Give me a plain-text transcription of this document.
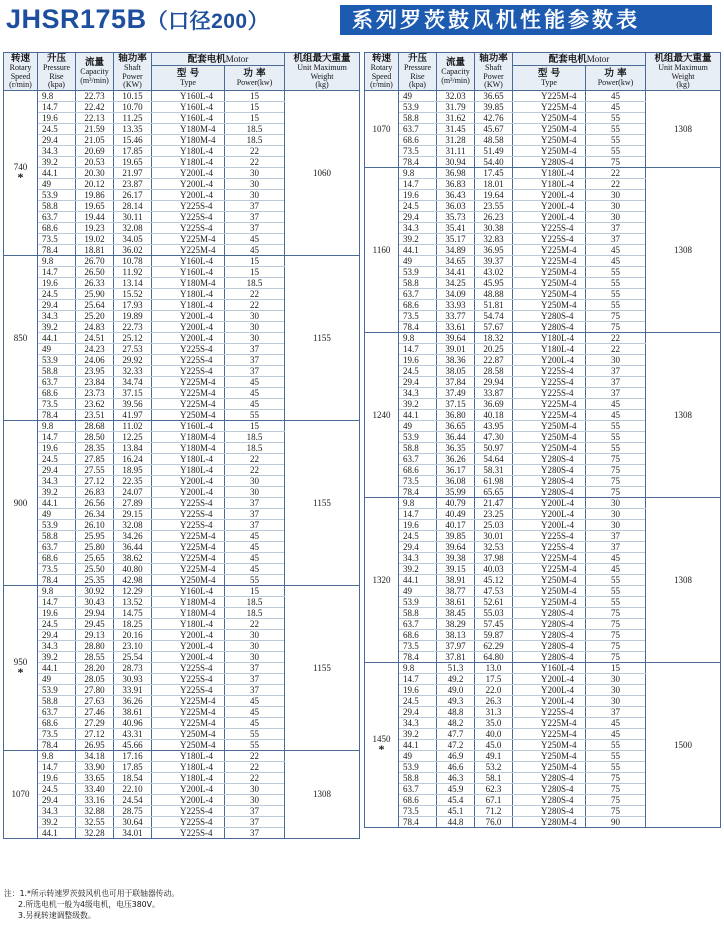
JHSR175B（口径200）	系列罗茨鼓风机性能参数表
转速
Rotary
Speed
(r/min)	升压
Pressure
Rise
(kpa)	流量
Capacity
(m³/min)	轴功率
Shaft
Power
(KW)	配套电机Motor		机组最大重量
Unit Maximum
Weight
(kg)

				型 号
Type	功 率
Power(kw)	

740
*	9.8	22.73	10.15	Y160L-4	15	1060
	14.7	22.42	10.70	Y160L-4	15	
	19.6	22.13	11.25	Y160L-4	15	
	24.5	21.59	13.35	Y180M-4	18.5	
	29.4	21.05	15.46	Y180M-4	18.5	
	34.3	20.69	17.85	Y180L-4	22	
	39.2	20.53	19.65	Y180L-4	22	
	44.1	20.30	21.97	Y200L-4	30	
	49	20.12	23.87	Y200L-4	30	
	53.9	19.86	26.17	Y200L-4	30	
	58.8	19.65	28.14	Y225S-4	37	
	63.7	19.44	30.11	Y225S-4	37	
	68.6	19.23	32.08	Y225S-4	37	
	73.5	19.02	34.05	Y225M-4	45	
	78.4	18.81	36.02	Y225M-4	45	
850	9.8	26.70	10.78	Y160L-4	15	1155
	14.7	26.50	11.92	Y160L-4	15	
	19.6	26.33	13.14	Y180M-4	18.5	
	24.5	25.90	15.52	Y180L-4	22	
	29.4	25.64	17.93	Y180L-4	22	
	34.3	25.20	19.89	Y200L-4	30	
	39.2	24.83	22.73	Y200L-4	30	
	44.1	24.51	25.12	Y200L-4	30	
	49	24.23	27.53	Y225S-4	37	
	53.9	24.06	29.92	Y225S-4	37	
	58.8	23.95	32.33	Y225S-4	37	
	63.7	23.84	34.74	Y225M-4	45	
	68.6	23.73	37.15	Y225M-4	45	
	73.5	23.62	39.56	Y225M-4	45	
	78.4	23.51	41.97	Y250M-4	55	
900	9.8	28.68	11.02	Y160L-4	15	1155
	14.7	28.50	12.25	Y180M-4	18.5	
	19.6	28.35	13.84	Y180M-4	18.5	
	24.5	27.85	16.24	Y180L-4	22	
	29.4	27.55	18.95	Y180L-4	22	
	34.3	27.12	22.35	Y200L-4	30	
	39.2	26.83	24.07	Y200L-4	30	
	44.1	26.56	27.89	Y225S-4	37	
	49	26.34	29.15	Y225S-4	37	
	53.9	26.10	32.08	Y225S-4	37	
	58.8	25.95	34.26	Y225M-4	45	
	63.7	25.80	36.44	Y225M-4	45	
	68.6	25.65	38.62	Y225M-4	45	
	73.5	25.50	40.80	Y225M-4	45	
	78.4	25.35	42.98	Y250M-4	55	
950
*	9.8	30.92	12.29	Y160L-4	15	1155
	14.7	30.43	13.52	Y180M-4	18.5	
	19.6	29.94	14.75	Y180M-4	18.5	
	24.5	29.45	18.25	Y180L-4	22	
	29.4	29.13	20.16	Y200L-4	30	
	34.3	28.80	23.10	Y200L-4	30	
	39.2	28.55	25.54	Y200L-4	30	
	44.1	28.20	28.73	Y225S-4	37	
	49	28.05	30.93	Y225S-4	37	
	53.9	27.80	33.91	Y225S-4	37	
	58.8	27.63	36.26	Y225M-4	45	
	63.7	27.46	38.61	Y225M-4	45	
	68.6	27.29	40.96	Y225M-4	45	
	73.5	27.12	43.31	Y250M-4	55	
	78.4	26.95	45.66	Y250M-4	55	
1070	9.8	34.18	17.16	Y180L-4	22	1308
	14.7	33.90	17.85	Y180L-4	22	
	19.6	33.65	18.54	Y180L-4	22	
	24.5	33.40	22.10	Y200L-4	30	
	29.4	33.16	24.54	Y200L-4	30	
	34.3	32.88	28.75	Y225S-4	37	
	39.2	32.55	30.64	Y225S-4	37	
	44.1	32.28	34.01	Y225S-4	37	
转速
Rotary
Speed
(r/min)	升压
Pressure
Rise
(kpa)	流量
Capacity
(m³/min)	轴功率
Shaft
Power
(KW)	配套电机Motor		机组最大重量
Unit Maximum
Weight
(kg)

				型 号
Type	功 率
Power(kw)	

1070	49	32.03	36.65	Y225M-4	45	1308
	53.9	31.79	39.85	Y225M-4	45	
	58.8	31.62	42.76	Y250M-4	55	
	63.7	31.45	45.67	Y250M-4	55	
	68.6	31.28	48.58	Y250M-4	55	
	73.5	31.11	51.49	Y250M-4	55	
	78.4	30.94	54.40	Y280S-4	75	
1160	9.8	36.98	17.45	Y180L-4	22	1308
	14.7	36.83	18.01	Y180L-4	22	
	19.6	36.43	19.64	Y200L-4	30	
	24.5	36.03	23.55	Y200L-4	30	
	29.4	35.73	26.23	Y200L-4	30	
	34.3	35.41	30.38	Y225S-4	37	
	39.2	35.17	32.83	Y225S-4	37	
	44.1	34.89	36.95	Y225M-4	45	
	49	34.65	39.37	Y225M-4	45	
	53.9	34.41	43.02	Y250M-4	55	
	58.8	34.25	45.95	Y250M-4	55	
	63.7	34.09	48.88	Y250M-4	55	
	68.6	33.93	51.81	Y250M-4	55	
	73.5	33.77	54.74	Y280S-4	75	
	78.4	33.61	57.67	Y280S-4	75	
1240	9.8	39.64	18.32	Y180L-4	22	1308
	14.7	39.01	20.25	Y180L-4	22	
	19.6	38.36	22.87	Y200L-4	30	
	24.5	38.05	28.58	Y225S-4	37	
	29.4	37.84	29.94	Y225S-4	37	
	34.3	37.49	33.87	Y225S-4	37	
	39.2	37.15	36.69	Y225M-4	45	
	44.1	36.80	40.18	Y225M-4	45	
	49	36.65	43.95	Y250M-4	55	
	53.9	36.44	47.30	Y250M-4	55	
	58.8	36.35	50.97	Y250M-4	55	
	63.7	36.26	54.64	Y280S-4	75	
	68.6	36.17	58.31	Y280S-4	75	
	73.5	36.08	61.98	Y280S-4	75	
	78.4	35.99	65.65	Y280S-4	75	
1320	9.8	40.79	21.47	Y200L-4	30	1308
	14.7	40.49	23.25	Y200L-4	30	
	19.6	40.17	25.03	Y200L-4	30	
	24.5	39.85	30.01	Y225S-4	37	
	29.4	39.64	32.53	Y225S-4	37	
	34.3	39.38	37.98	Y225M-4	45	
	39.2	39.15	40.03	Y225M-4	45	
	44.1	38.91	45.12	Y250M-4	55	
	49	38.77	47.53	Y250M-4	55	
	53.9	38.61	52.61	Y250M-4	55	
	58.8	38.45	55.03	Y280S-4	75	
	63.7	38.29	57.45	Y280S-4	75	
	68.6	38.13	59.87	Y280S-4	75	
	73.5	37.97	62.29	Y280S-4	75	
	78.4	37.81	64.80	Y280S-4	75	
1450
*	9.8	51.3	13.0	Y160L-4	15	1500
	14.7	49.2	17.5	Y200L-4	30	
	19.6	49.0	22.0	Y200L-4	30	
	24.5	49.3	26.3	Y200L-4	30	
	29.4	48.8	31.3	Y225S-4	37	
	34.3	48.2	35.0	Y225M-4	45	
	39.2	47.7	40.0	Y225M-4	45	
	44.1	47.2	45.0	Y250M-4	55	
	49	46.9	49.1	Y250M-4	55	
	53.9	46.6	53.2	Y250M-4	55	
	58.8	46.3	58.1	Y280S-4	75	
	63.7	45.9	62.3	Y280S-4	75	
	68.6	45.4	67.1	Y280S-4	75	
	73.5	45.1	71.2	Y280S-4	75	
	78.4	44.8	76.0	Y280M-4	90	
注：1.*所示转速罗茨鼓风机也可用于联轴器传动。
2.所选电机一般为4级电机，电压380V。
3.另视转速调整级数。
